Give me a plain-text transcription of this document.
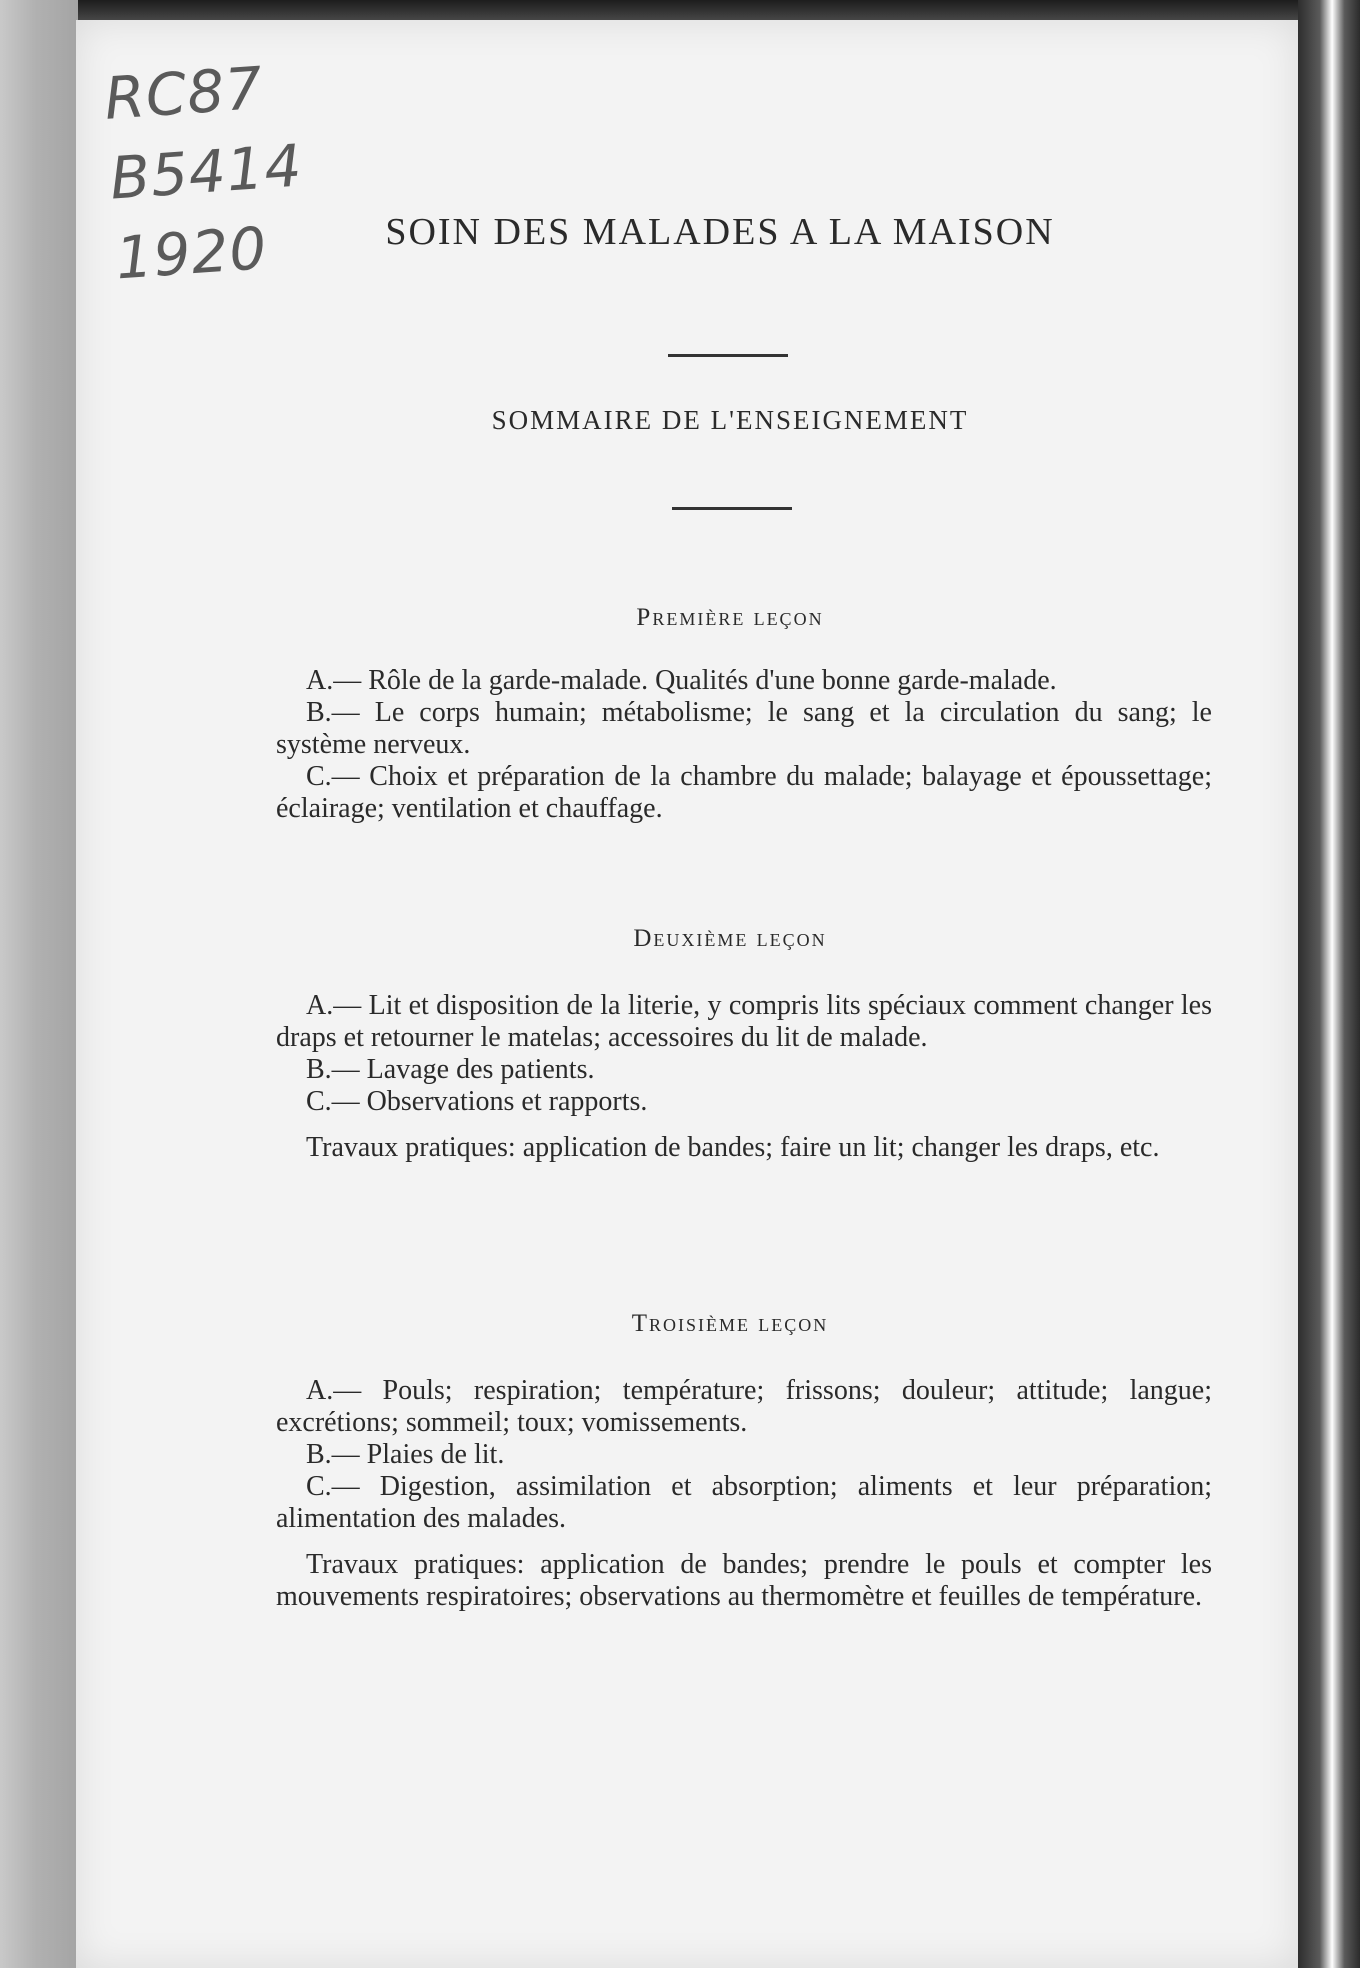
RC87
B5414
1920	SOIN DES MALADES A LA MAISON
SOMMAIRE DE L'ENSEIGNEMENT
Première leçon

A.— Rôle de la garde-malade. Qualités d'une bonne garde-malade.

B.— Le corps humain; métabolisme; le sang et la circulation du sang; le système nerveux.

C.— Choix et préparation de la chambre du malade; balayage et époussettage; éclairage; ventilation et chauffage.

Deuxième leçon

A.— Lit et disposition de la literie, y compris lits spéciaux comment changer les draps et retourner le matelas; accessoires du lit de malade.

B.— Lavage des patients.

C.— Observations et rapports.

Travaux pratiques: application de bandes; faire un lit; changer les draps, etc.

Troisième leçon

A.— Pouls; respiration; température; frissons; douleur; attitude; langue; excrétions; sommeil; toux; vomissements.

B.— Plaies de lit.

C.— Digestion, assimilation et absorption; aliments et leur préparation; alimentation des malades.

Travaux pratiques: application de bandes; prendre le pouls et compter les mouvements respiratoires; observations au thermomètre et feuilles de température.
